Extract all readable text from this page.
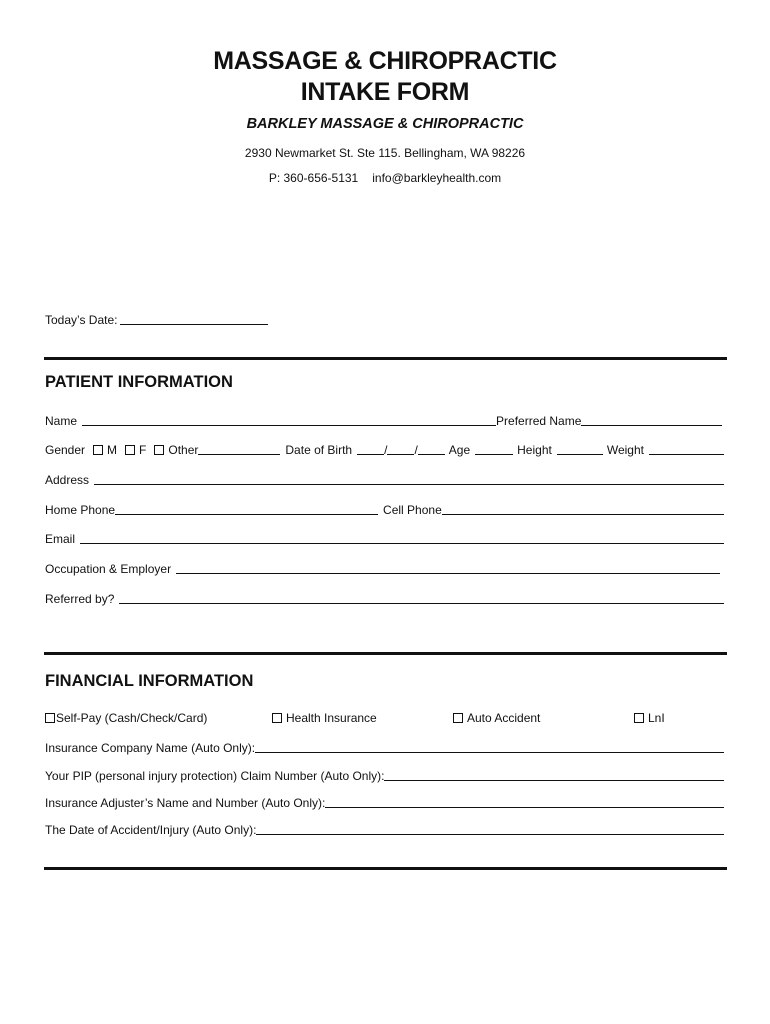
MASSAGE & CHIROPRACTIC
INTAKE FORM
BARKLEY MASSAGE & CHIROPRACTIC
2930 Newmarket St. Ste 115. Bellingham, WA 98226
P: 360-656-5131 info@barkleyhealth.com
Today’s Date:
PATIENT INFORMATION
Name	Preferred Name
Gender	M	F	Other	Date of Birth	/ /	Age	Height	Weight
Address
Home Phone	Cell Phone
Email
Occupation & Employer
Referred by?
FINANCIAL INFORMATION
Self-Pay (Cash/Check/Card)	Health Insurance	Auto Accident	LnI
Insurance Company Name (Auto Only):
Your PIP (personal injury protection) Claim Number (Auto Only):
Insurance Adjuster’s Name and Number (Auto Only):
The Date of Accident/Injury (Auto Only):
